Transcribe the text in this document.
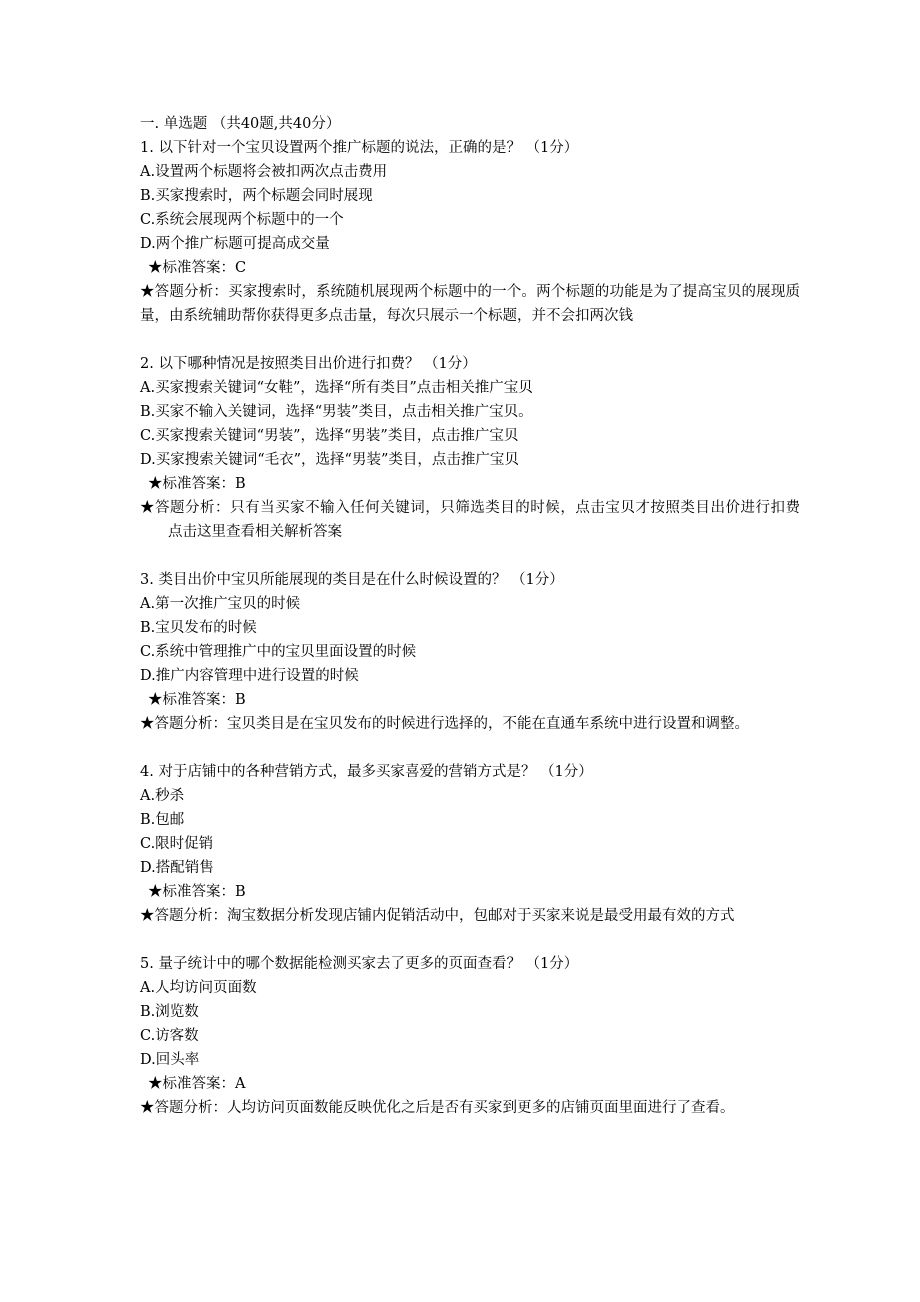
一. 单选题 （共40题,共40分）
1. 以下针对一个宝贝设置两个推广标题的说法，正确的是？ （1分）
A.设置两个标题将会被扣两次点击费用
B.买家搜索时，两个标题会同时展现
C.系统会展现两个标题中的一个
D.两个推广标题可提高成交量
★标准答案：C
★答题分析：买家搜索时，系统随机展现两个标题中的一个。两个标题的功能是为了提高宝贝的展现质量，由系统辅助帮你获得更多点击量，每次只展示一个标题，并不会扣两次钱
2. 以下哪种情况是按照类目出价进行扣费？ （1分）
A.买家搜索关键词“女鞋”，选择“所有类目”点击相关推广宝贝
B.买家不输入关键词，选择“男装”类目，点击相关推广宝贝。
C.买家搜索关键词“男装”，选择“男装”类目，点击推广宝贝
D.买家搜索关键词“毛衣”，选择“男装”类目，点击推广宝贝
★标准答案：B
★答题分析：只有当买家不输入任何关键词，只筛选类目的时候，点击宝贝才按照类目出价进行扣费点击这里查看相关解析答案
3. 类目出价中宝贝所能展现的类目是在什么时候设置的？ （1分）
A.第一次推广宝贝的时候
B.宝贝发布的时候
C.系统中管理推广中的宝贝里面设置的时候
D.推广内容管理中进行设置的时候
★标准答案：B
★答题分析：宝贝类目是在宝贝发布的时候进行选择的，不能在直通车系统中进行设置和调整。
4. 对于店铺中的各种营销方式，最多买家喜爱的营销方式是？ （1分）
A.秒杀
B.包邮
C.限时促销
D.搭配销售
★标准答案：B
★答题分析：淘宝数据分析发现店铺内促销活动中，包邮对于买家来说是最受用最有效的方式
5. 量子统计中的哪个数据能检测买家去了更多的页面查看？ （1分）
A.人均访问页面数
B.浏览数
C.访客数
D.回头率
★标准答案：A
★答题分析：人均访问页面数能反映优化之后是否有买家到更多的店铺页面里面进行了查看。
